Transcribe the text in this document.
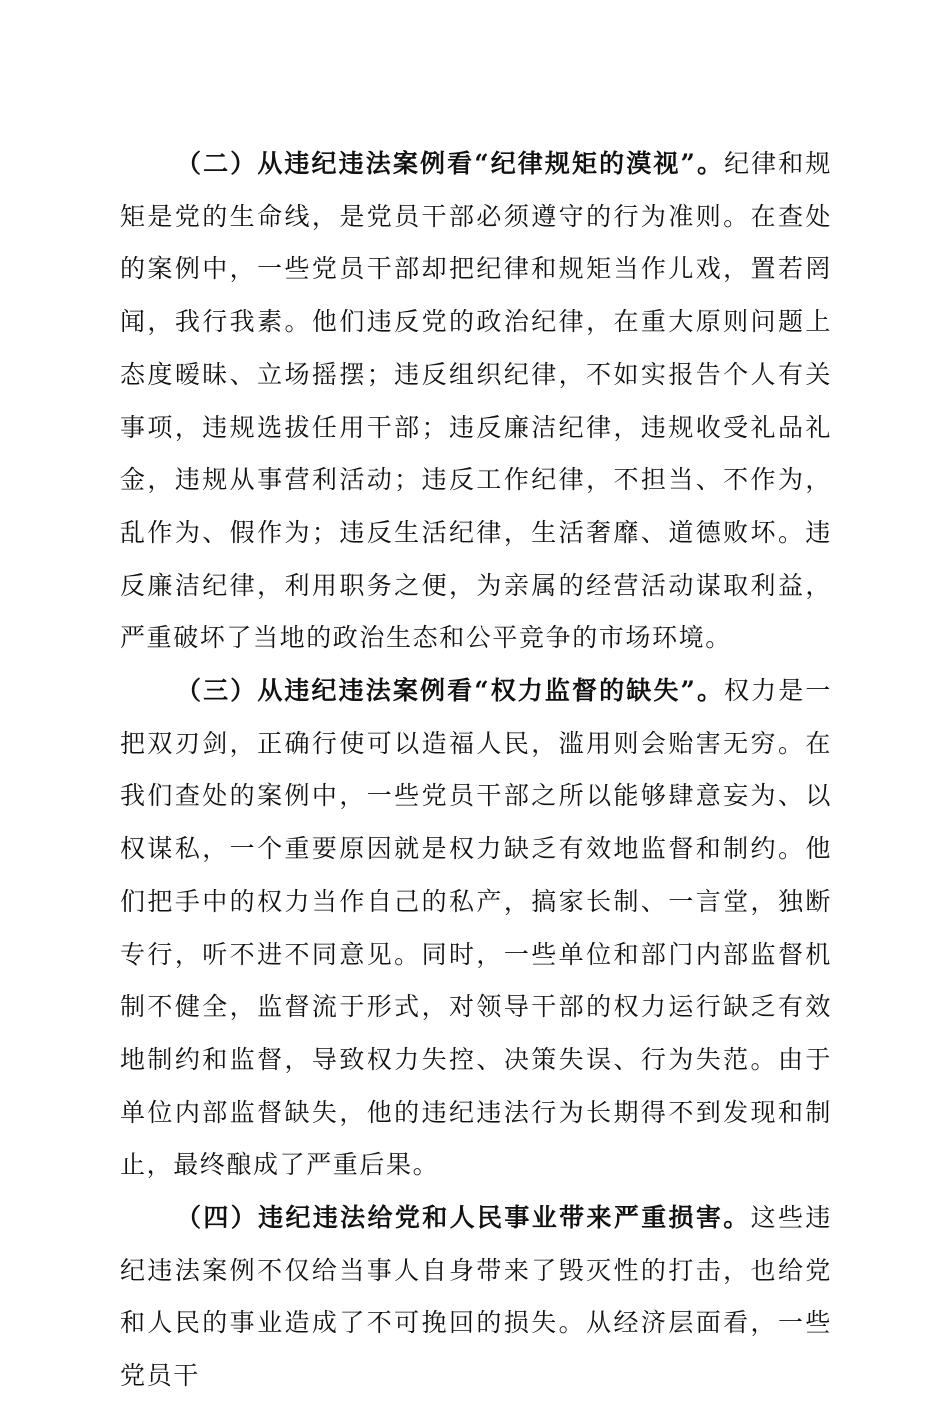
（二）从违纪违法案例看“纪律规矩的漠视”。纪律和规矩是党的生命线，是党员干部必须遵守的行为准则。在查处的案例中，一些党员干部却把纪律和规矩当作儿戏，置若罔闻，我行我素。他们违反党的政治纪律，在重大原则问题上态度暧昧、立场摇摆；违反组织纪律，不如实报告个人有关事项，违规选拔任用干部；违反廉洁纪律，违规收受礼品礼金，违规从事营利活动；违反工作纪律，不担当、不作为，乱作为、假作为；违反生活纪律，生活奢靡、道德败坏。违反廉洁纪律，利用职务之便，为亲属的经营活动谋取利益，严重破坏了当地的政治生态和公平竞争的市场环境。

（三）从违纪违法案例看“权力监督的缺失”。权力是一把双刃剑，正确行使可以造福人民，滥用则会贻害无穷。在我们查处的案例中，一些党员干部之所以能够肆意妄为、以权谋私，一个重要原因就是权力缺乏有效地监督和制约。他们把手中的权力当作自己的私产，搞家长制、一言堂，独断专行，听不进不同意见。同时，一些单位和部门内部监督机制不健全，监督流于形式，对领导干部的权力运行缺乏有效地制约和监督，导致权力失控、决策失误、行为失范。由于单位内部监督缺失，他的违纪违法行为长期得不到发现和制止，最终酿成了严重后果。

（四）违纪违法给党和人民事业带来严重损害。这些违纪违法案例不仅给当事人自身带来了毁灭性的打击，也给党和人民的事业造成了不可挽回的损失。从经济层面看，一些党员干
